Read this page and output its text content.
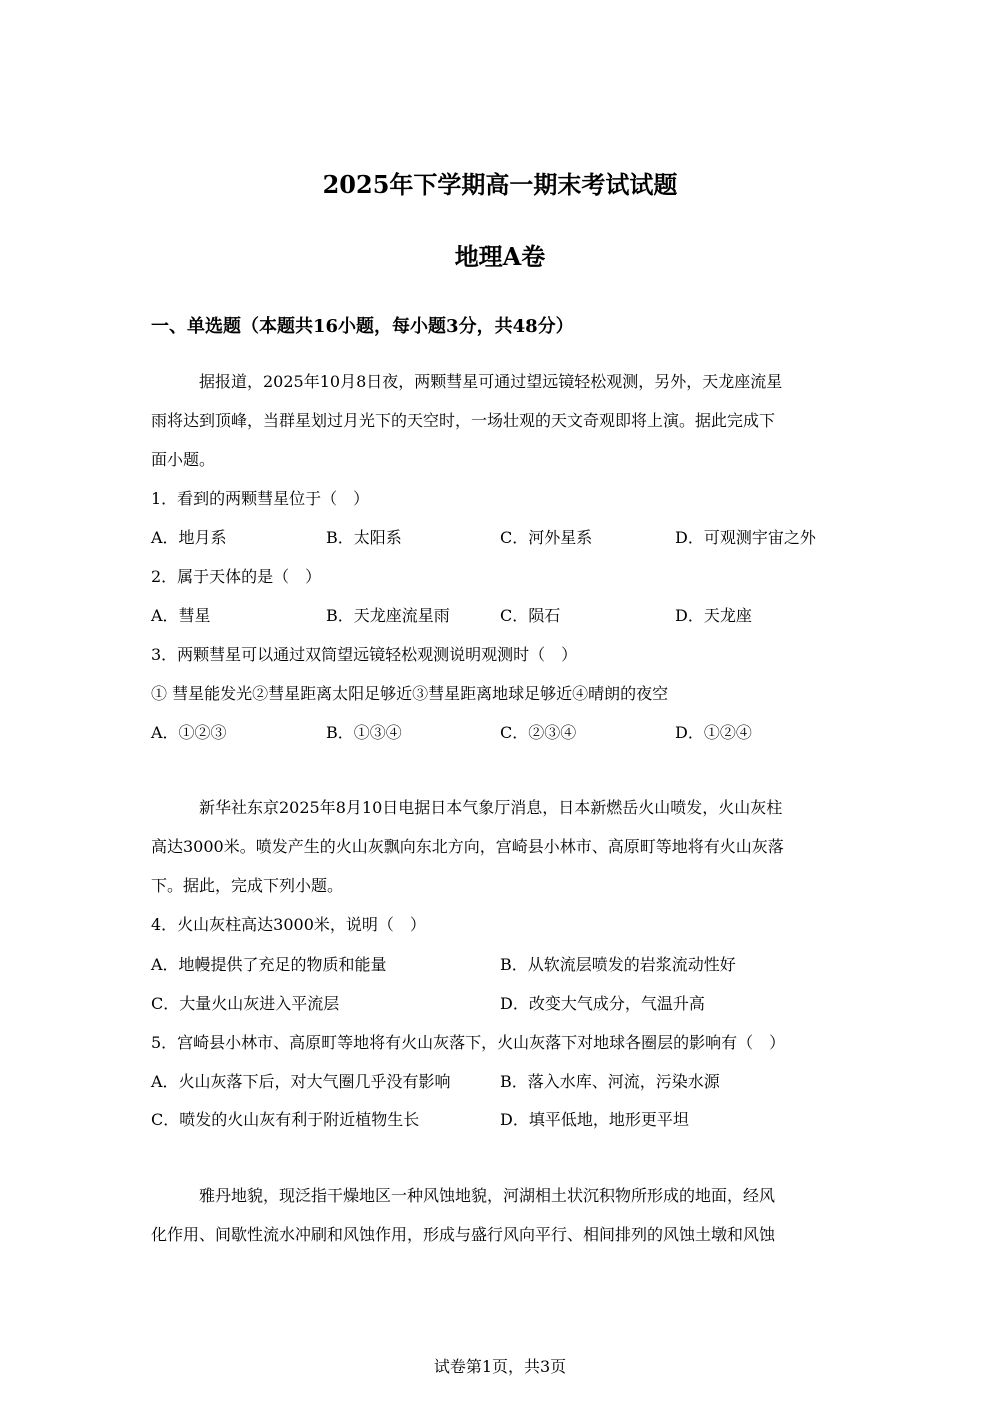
2025年下学期高一期末考试试题
地理A卷
一、单选题（本题共16小题，每小题3分，共48分）
据报道，2025年10月8日夜，两颗彗星可通过望远镜轻松观测，另外，天龙座流星
雨将达到顶峰，当群星划过月光下的天空时，一场壮观的天文奇观即将上演。据此完成下
面小题。
1．看到的两颗彗星位于（　）
A．地月系	B．太阳系	C．河外星系	D．可观测宇宙之外
2．属于天体的是（　）
A．彗星	B．天龙座流星雨	C．陨石	D．天龙座
3．两颗彗星可以通过双筒望远镜轻松观测说明观测时（　）
① 彗星能发光②彗星距离太阳足够近③彗星距离地球足够近④晴朗的夜空
A．①②③	B．①③④	C．②③④	D．①②④
新华社东京2025年8月10日电据日本气象厅消息，日本新燃岳火山喷发，火山灰柱
高达3000米。喷发产生的火山灰飘向东北方向，宫崎县小林市、高原町等地将有火山灰落
下。据此，完成下列小题。
4．火山灰柱高达3000米，说明（　）
A．地幔提供了充足的物质和能量	B．从软流层喷发的岩浆流动性好
C．大量火山灰进入平流层	D．改变大气成分，气温升高
5．宫崎县小林市、高原町等地将有火山灰落下，火山灰落下对地球各圈层的影响有（　）
A．火山灰落下后，对大气圈几乎没有影响	B．落入水库、河流，污染水源
C．喷发的火山灰有利于附近植物生长	D．填平低地，地形更平坦
雅丹地貌，现泛指干燥地区一种风蚀地貌，河湖相土状沉积物所形成的地面，经风
化作用、间歇性流水冲刷和风蚀作用，形成与盛行风向平行、相间排列的风蚀土墩和风蚀
试卷第1页，共3页
